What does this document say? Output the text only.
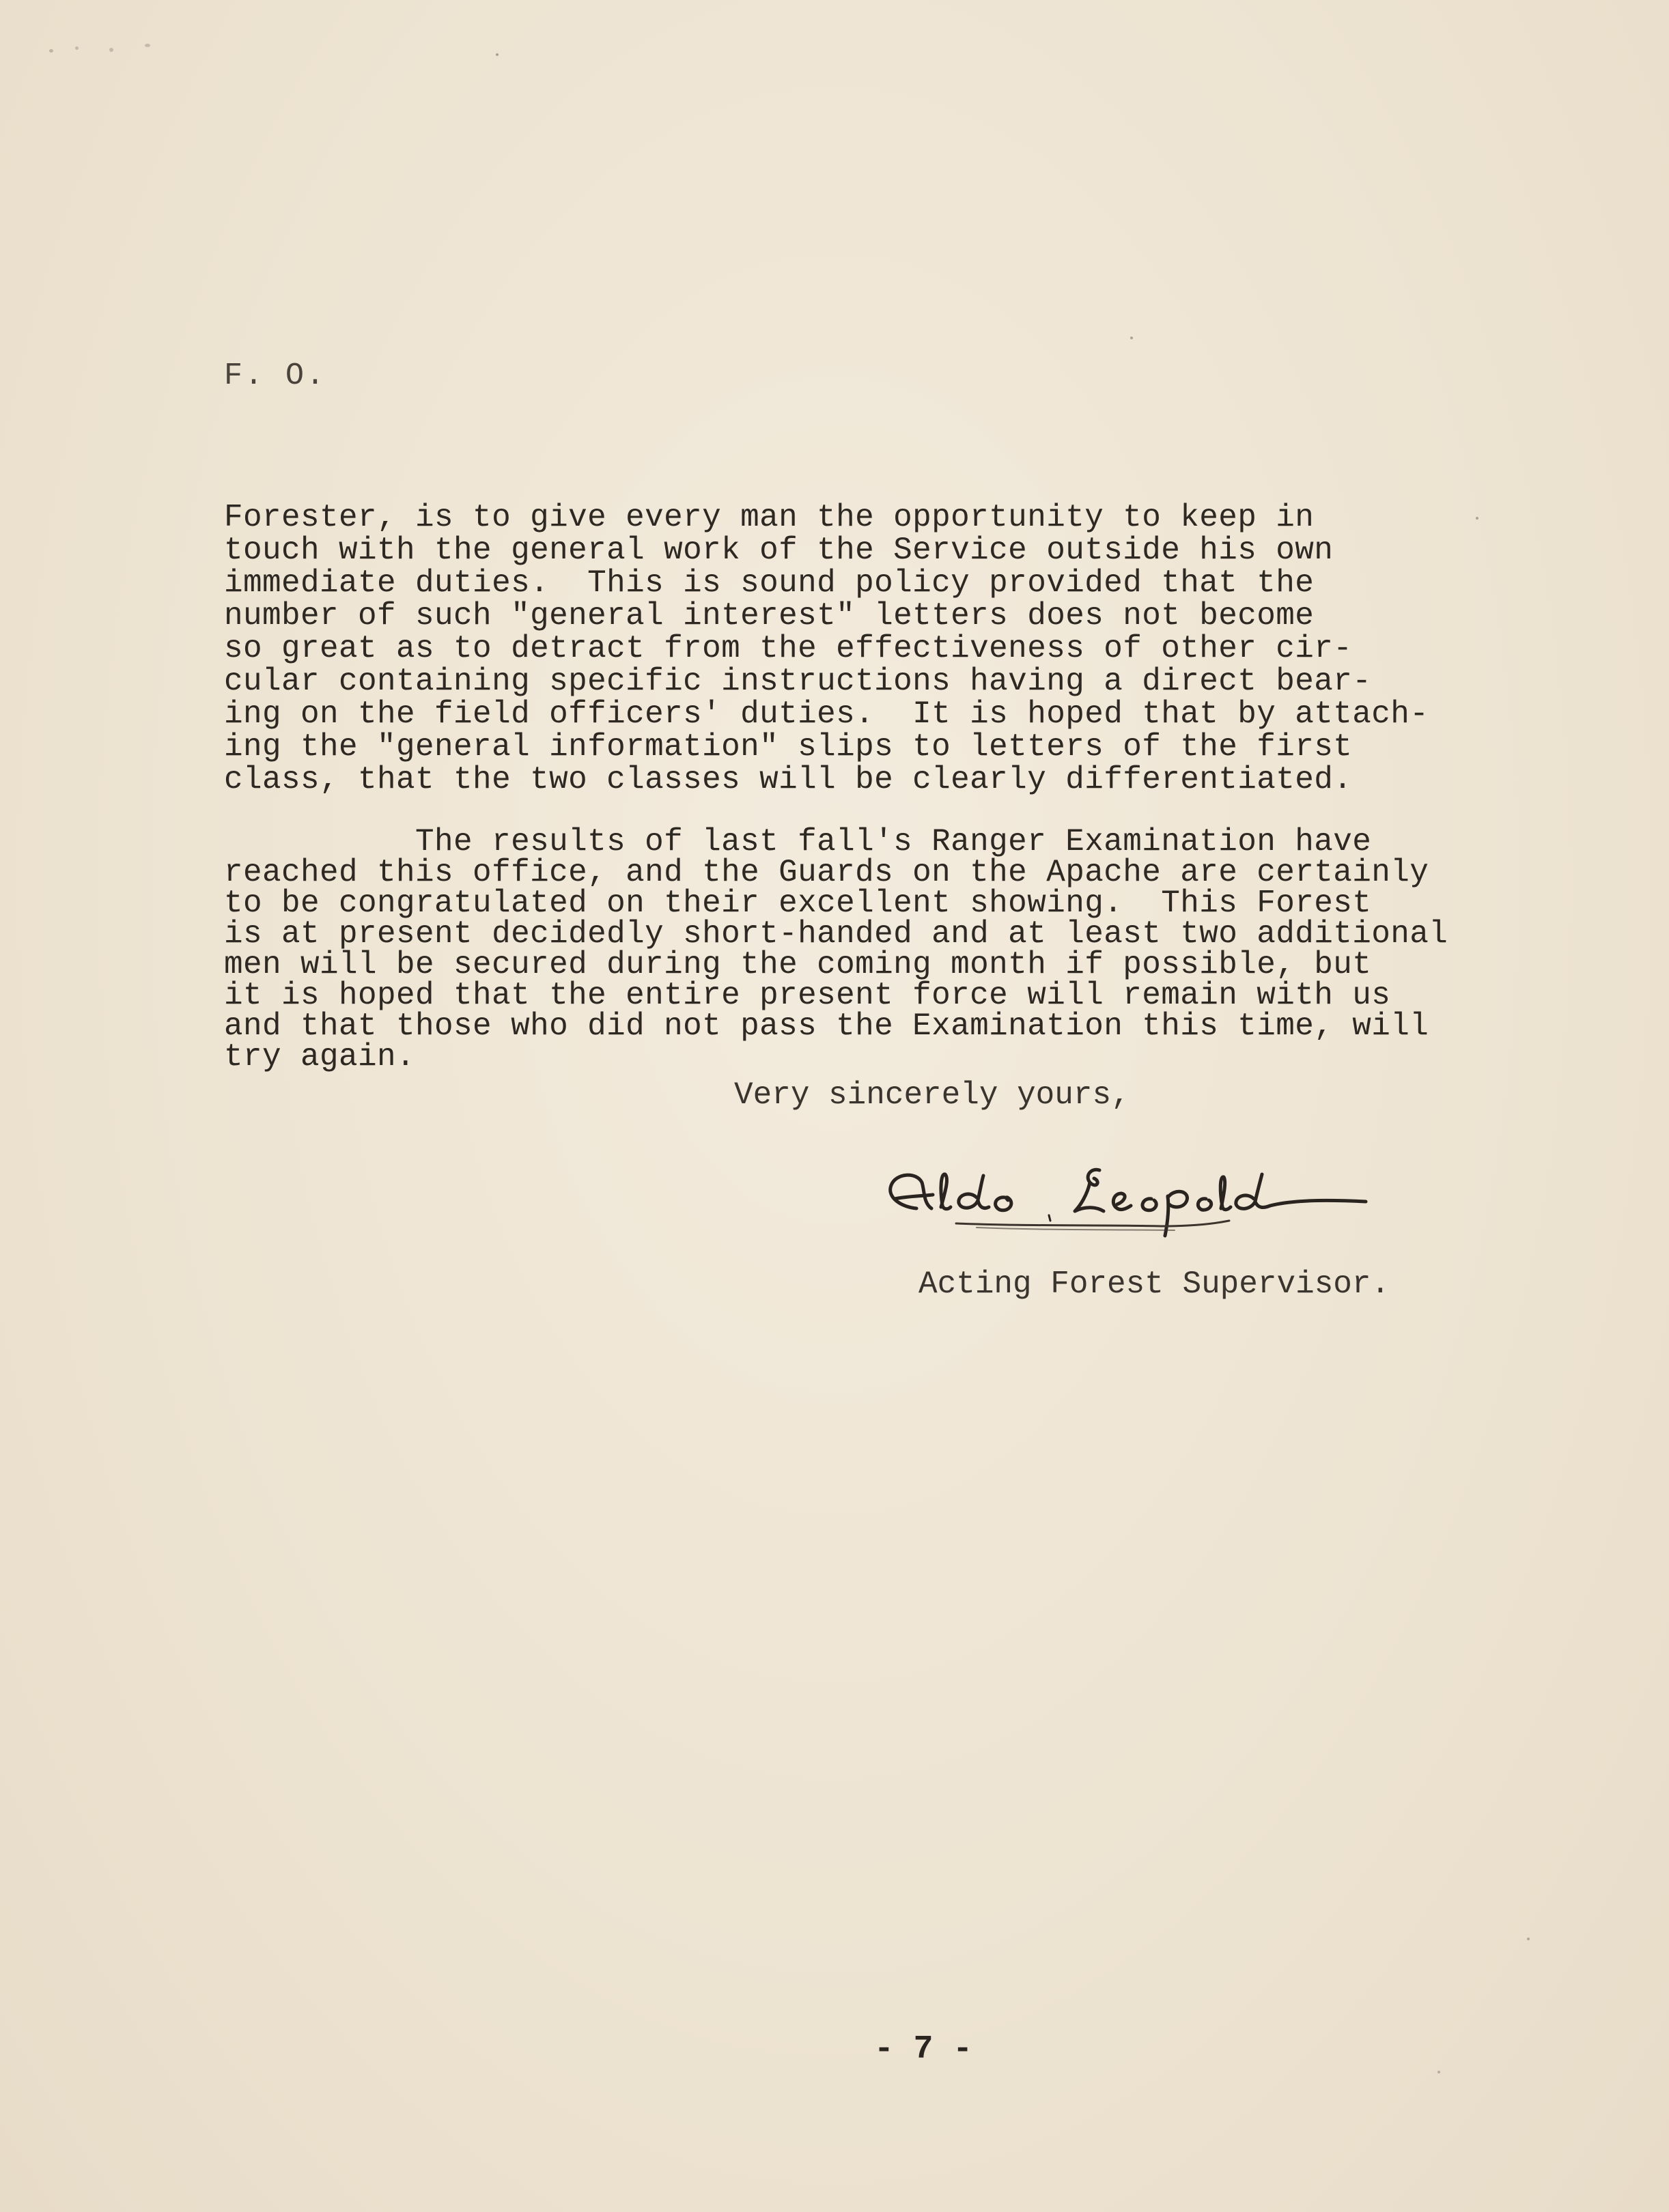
F. O.
Forester, is to give every man the opportunity to keep in
touch with the general work of the Service outside his own
immediate duties.  This is sound policy provided that the
number of such "general interest" letters does not become
so great as to detract from the effectiveness of other cir-
cular containing specific instructions having a direct bear-
ing on the field officers' duties.  It is hoped that by attach-
ing the "general information" slips to letters of the first
class, that the two classes will be clearly differentiated.
The results of last fall's Ranger Examination have
reached this office, and the Guards on the Apache are certainly
to be congratulated on their excellent showing.  This Forest
is at present decidedly short-handed and at least two additional
men will be secured during the coming month if possible, but
it is hoped that the entire present force will remain with us
and that those who did not pass the Examination this time, will
try again.
Very sincerely yours,
Acting Forest Supervisor.
- 7 -
